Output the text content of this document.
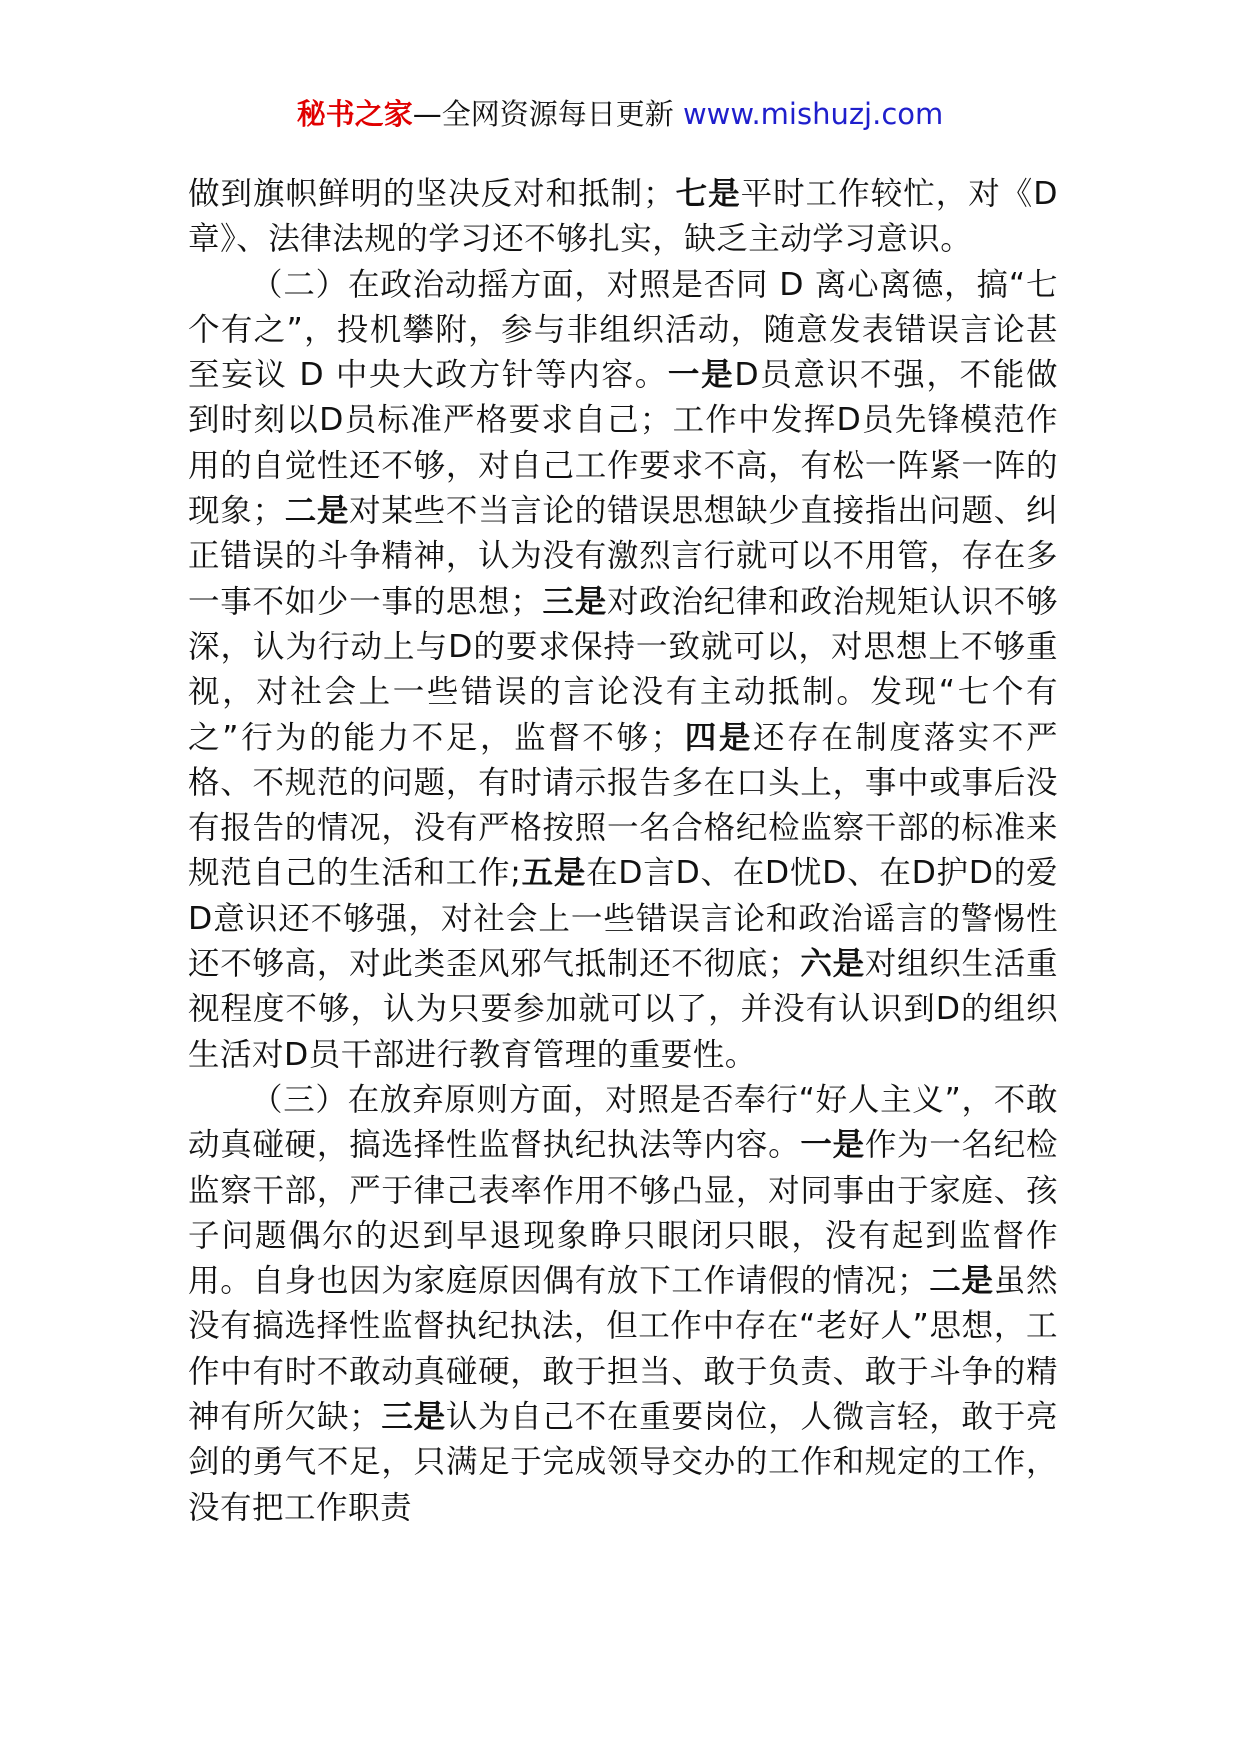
秘书之家—全网资源每日更新 www.mishuzj.com

做到旗帜鲜明的坚决反对和抵制；七是平时工作较忙，对《D章》、法律法规的学习还不够扎实，缺乏主动学习意识。

（二）在政治动摇方面，对照是否同 D 离心离德，搞“七个有之”，投机攀附，参与非组织活动，随意发表错误言论甚至妄议 D 中央大政方针等内容。一是D员意识不强，不能做到时刻以D员标准严格要求自己；工作中发挥D员先锋模范作用的自觉性还不够，对自己工作要求不高，有松一阵紧一阵的现象；二是对某些不当言论的错误思想缺少直接指出问题、纠正错误的斗争精神，认为没有激烈言行就可以不用管，存在多一事不如少一事的思想；三是对政治纪律和政治规矩认识不够深，认为行动上与D的要求保持一致就可以，对思想上不够重视，对社会上一些错误的言论没有主动抵制。发现“七个有之”行为的能力不足，监督不够；四是还存在制度落实不严格、不规范的问题，有时请示报告多在口头上，事中或事后没有报告的情况，没有严格按照一名合格纪检监察干部的标准来规范自己的生活和工作;五是在D言D、在D忧D、在D护D的爱D意识还不够强，对社会上一些错误言论和政治谣言的警惕性还不够高，对此类歪风邪气抵制还不彻底；六是对组织生活重视程度不够，认为只要参加就可以了，并没有认识到D的组织生活对D员干部进行教育管理的重要性。

（三）在放弃原则方面，对照是否奉行“好人主义”，不敢动真碰硬，搞选择性监督执纪执法等内容。一是作为一名纪检监察干部，严于律己表率作用不够凸显，对同事由于家庭、孩子问题偶尔的迟到早退现象睁只眼闭只眼，没有起到监督作用。自身也因为家庭原因偶有放下工作请假的情况；二是虽然没有搞选择性监督执纪执法，但工作中存在“老好人”思想，工作中有时不敢动真碰硬，敢于担当、敢于负责、敢于斗争的精神有所欠缺；三是认为自己不在重要岗位，人微言轻，敢于亮剑的勇气不足，只满足于完成领导交办的工作和规定的工作，没有把工作职责
